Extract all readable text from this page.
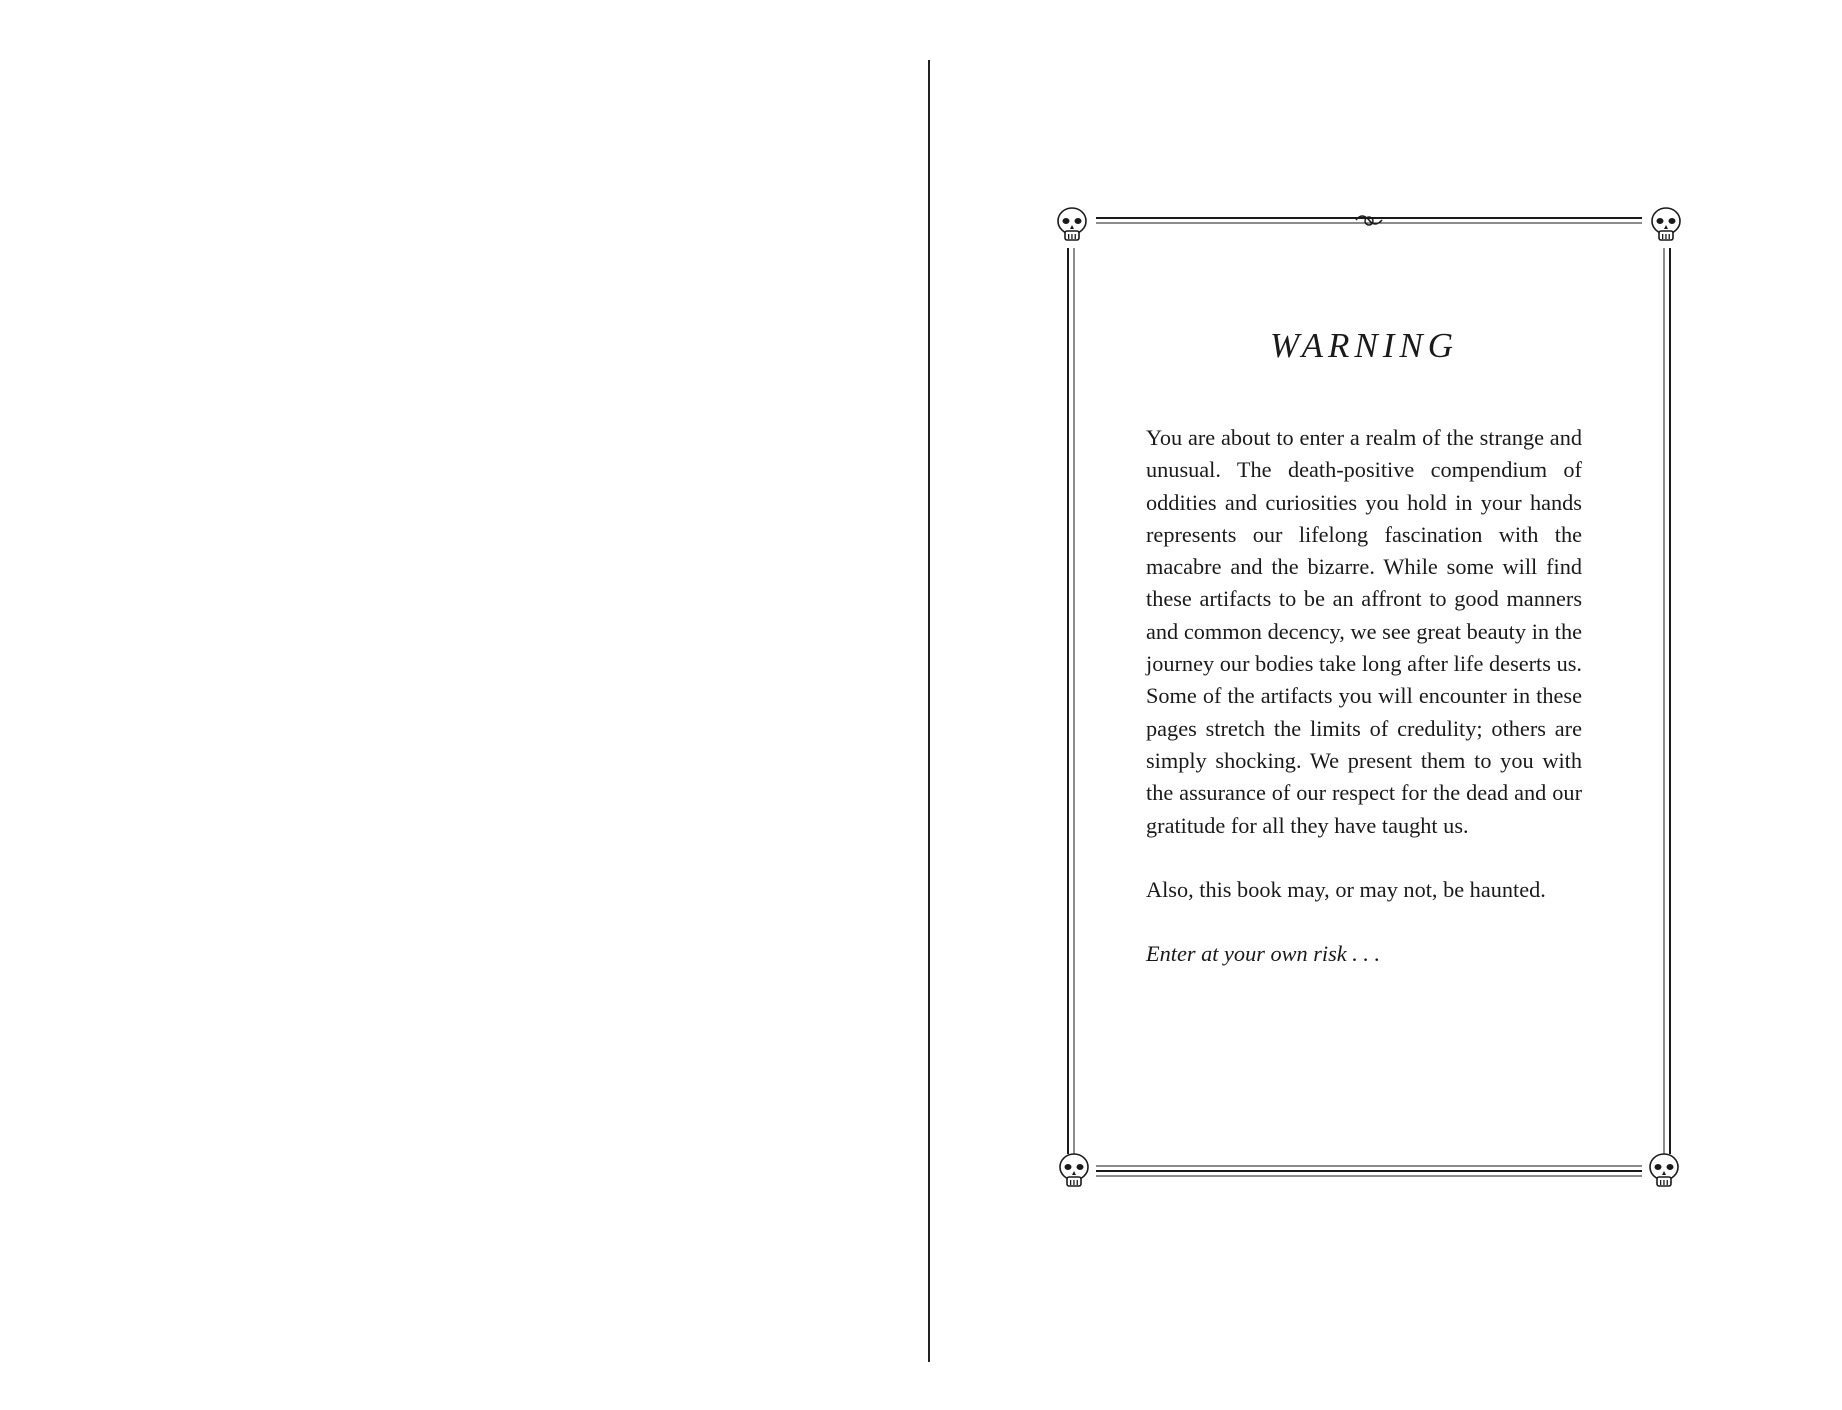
WARNING

You are about to enter a realm of the strange and unusual. The death-positive compendium of oddities and curiosities you hold in your hands represents our lifelong fascination with the macabre and the bizarre. While some will find these artifacts to be an affront to good manners and common decency, we see great beauty in the journey our bodies take long after life deserts us. Some of the artifacts you will encounter in these pages stretch the limits of credulity; others are simply shocking. We present them to you with the assurance of our respect for the dead and our gratitude for all they have taught us.

Also, this book may, or may not, be haunted.

Enter at your own risk . . .
